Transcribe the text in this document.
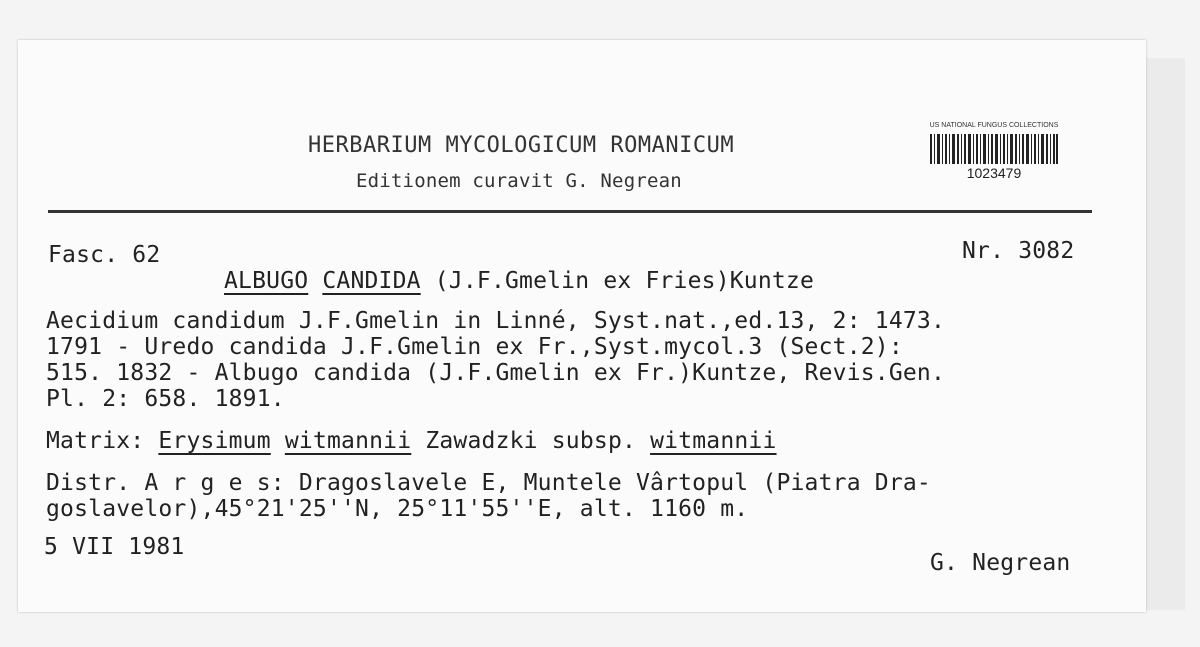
HERBARIUM MYCOLOGICUM ROMANICUM
Editionem curavit G. Negrean
US NATIONAL FUNGUS COLLECTIONS
1023479
Fasc. 62	Nr. 3082
ALBUGO CANDIDA (J.F.Gmelin ex Fries)Kuntze
Aecidium candidum J.F.Gmelin in Linné, Syst.nat.,ed.13, 2: 1473.
1791 - Uredo candida J.F.Gmelin ex Fr.,Syst.mycol.3 (Sect.2):
515. 1832 - Albugo candida (J.F.Gmelin ex Fr.)Kuntze, Revis.Gen.
Pl. 2: 658. 1891.
Matrix: Erysimum witmannii Zawadzki subsp. witmannii
Distr. A r g e s: Dragoslavele E, Muntele Vârtopul (Piatra Dra-
goslavelor),45°21'25''N, 25°11'55''E, alt. 1160 m.
5 VII 1981
G. Negrean
